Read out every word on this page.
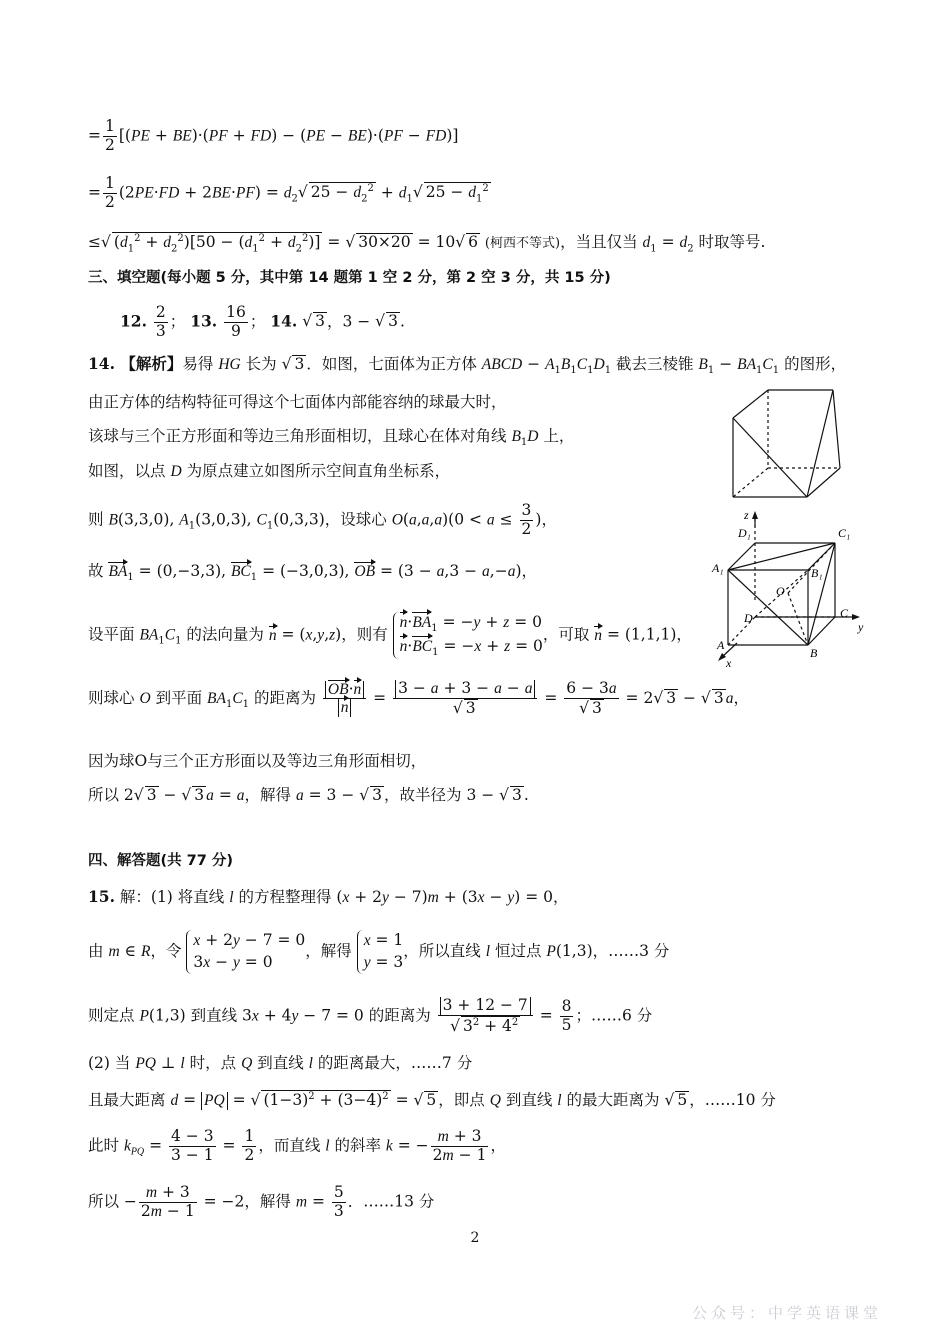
= $\frac{1}{2} [(PE + BE)\cdot(PF + FD) - (PE - BE)\cdot(PF - FD)]$
= $\frac{1}{2} (2PE\cdot FD + 2BE\cdot PF) = d_2√$ $25 - d_2^2 + d_1√$ $25 - d_1^2$
≤√ $(d_1^2 + d_2^2)[50 - (d_1^2 + d_2^2)]$ = √ 30×20 = 10√ 6 (柯西不等式)，当且仅当 $d_1 = d_2$ 时取等号.
三、填空题(每小题 5 分，其中第 14 题第 1 空 2 分，第 2 空 3 分，共 15 分)
12. $\frac{2}{3}$ ； 13. $\frac{16}{9}$ ； 14. √ 3 ，3 − √ 3 .
14. 【解析】易得 HG 长为 √ 3 ．如图，七面体为正方体 ABCD − $A_1B_1C_1D_1$ 截去三棱锥 $B_1 - BA_1C_1$ 的图形，
由正方体的结构特征可得这个七面体内部能容纳的球最大时，
该球与三个正方形面和等边三角形面相切，且球心在体对角线 $B_1D$ 上，
如图，以点 D 为原点建立如图所示空间直角坐标系，
则 B(3,3,0), $A_1(3,0,3)$, $C_1(0,3,3)$，设球心 $O(a,a,a)(0 < a \le \frac{3}{2}$ )，
故 $BA_1 = (0,-3,3)$, $BC_1 = (-3,0,3)$, OB = (3 − a,3 − a,−a)，
设平面 $BA_1C_1$ 的法向量为 n = (x,y,z)，则有 $n\cdot BA_1 = -y + z = 0$
$n\cdot BC_1 = -x + z = 0$，可取 n = (1,1,1)，
则球心 O 到平面 $BA_1C_1$ 的距离为 $\frac{OB\cdot n}{n} = 3 - a + 3 - a - a$
√ 3 = 6 − 3a
√ 3 = 2√ 3 − √ 3 a，
因为球O与三个正方形面以及等边三角形面相切，
所以 2√ 3 − √ 3 a = a，解得 a = 3 − √ 3 ，故半径为 3 − √ 3 .
四、解答题(共 77 分)
15. 解：(1) 将直线 l 的方程整理得 (x + 2y − 7)m + (3x − y) = 0，
由 m ∈ R，令 x + 2y − 7 = 0
3x − y = 0，解得 x = 1
y = 3，所以直线 l 恒过点 P(1,3)，……3 分
则定点 P(1,3) 到直线 3x + 4y − 7 = 0 的距离为 3 + 12 − 7
√ $3^2 + 4^2 = \frac{8}{5}$ ；……6 分
(2) 当 PQ ⊥ l 时，点 Q 到直线 l 的距离最大，……7 分
且最大距离 d = PQ = √ $(1-3)^2 + (3-4)^2$ = √ 5 ，即点 Q 到直线 l 的最大距离为 √ 5 ，……10 分
此时 $k_{PQ} = \frac{4 - 3}{3 - 1} = \frac{1}{2}$ ，而直线 l 的斜率 k = − $\frac{m + 3}{2m - 1}$ ，
所以 − $\frac{m + 3}{2m - 1} = -2$，解得 $m = \frac{5}{3}$ ．……13 分
z
y
x
D₁	C₁
A₁	B₁
O
D	C
A
B
2
公众号：中学英语课堂
